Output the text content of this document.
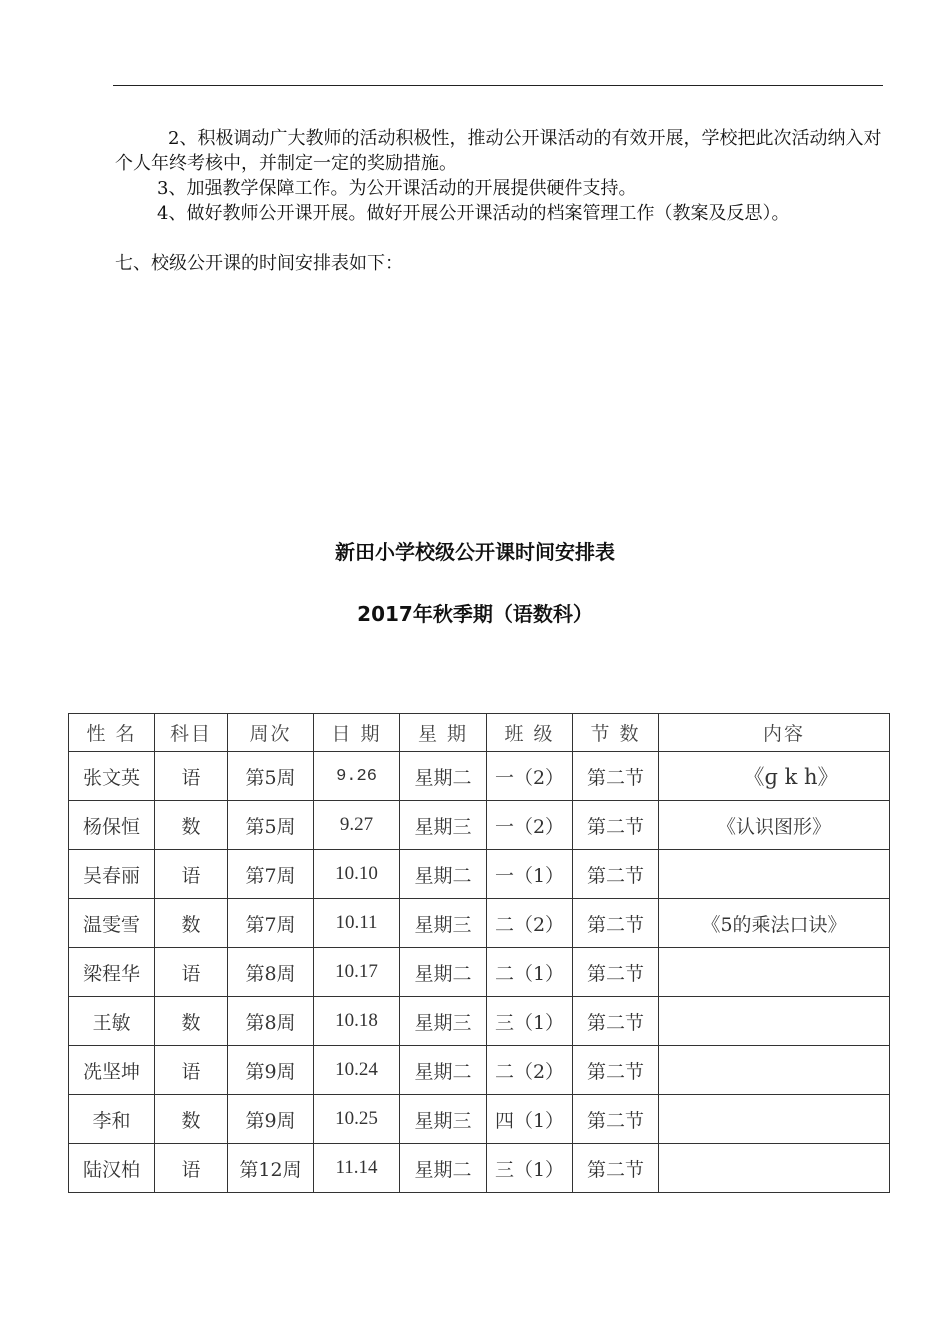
2、积极调动广大教师的活动积极性，推动公开课活动的有效开展，学校把此次活动纳入对个人年终考核中，并制定一定的奖励措施。

3、加强教学保障工作。为公开课活动的开展提供硬件支持。

4、做好教师公开课开展。做好开展公开课活动的档案管理工作（教案及反思）。

七、校级公开课的时间安排表如下：

新田小学校级公开课时间安排表
2017年秋季期（语数科）
性 名	科目	周次	日 期	星 期	班 级	节 数	内容
张文英	语	第5周	9.26	星期二	一（2）	第二节	《ɡ k h》
杨保恒	数	第5周	9.27	星期三	一（2）	第二节	《认识图形》
吴春丽	语	第7周	10.10	星期二	一（1）	第二节	
温雯雪	数	第7周	10.11	星期三	二（2）	第二节	《5的乘法口诀》
梁程华	语	第8周	10.17	星期二	二（1）	第二节	
王敏	数	第8周	10.18	星期三	三（1）	第二节	
冼坚坤	语	第9周	10.24	星期二	二（2）	第二节	
李和	数	第9周	10.25	星期三	四（1）	第二节	
陆汉柏	语	第12周	11.14	星期二	三（1）	第二节	
